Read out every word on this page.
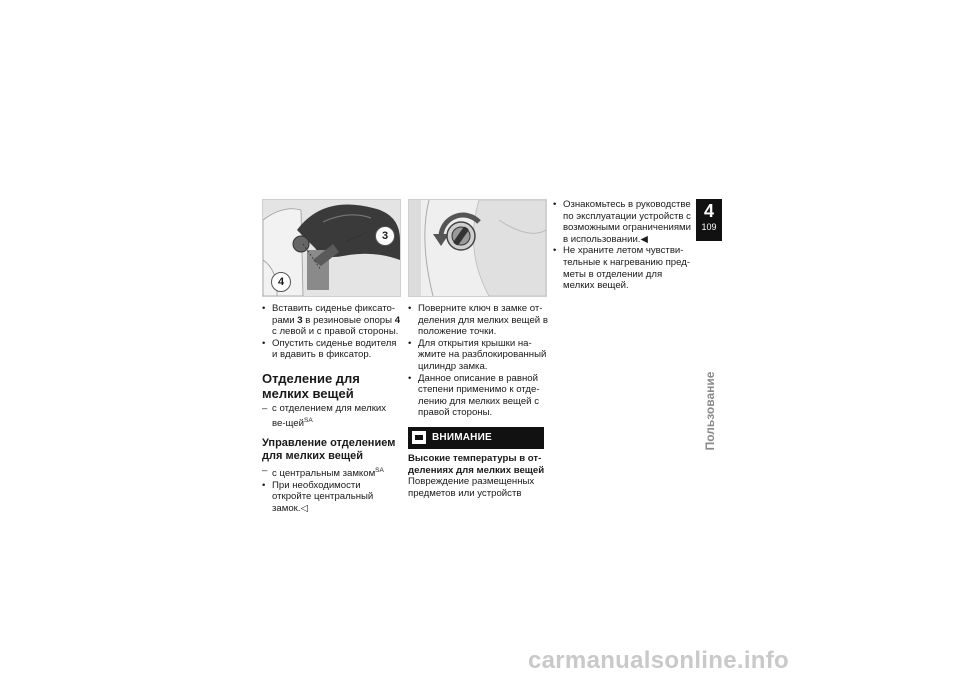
3
4
• Вставить сиденье фиксато-рами 3 в резиновые опоры 4 с левой и с правой стороны.
• Опустить сиденье водителя и вдавить в фиксатор.
Отделение для мелких вещей
– с отделением для мелких ве-щей$^{SA}$
Управление отделением для мелких вещей
– с центральным замком$^{SA}$
• При необходимости откройте центральный замок.◁
• Поверните ключ в замке от-деления для мелких вещей в положение точки.
• Для открытия крышки на-жмите на разблокированный цилиндр замка.
• Данное описание в равной степени применимо к отде-лению для мелких вещей с правой стороны.
ВНИМАНИЕ
Высокие температуры в от-делениях для мелких вещей
Повреждение размещенных предметов или устройств
• Ознакомьтесь в руководстве по эксплуатации устройств с возможными ограничениями в использовании.◀
• Не храните летом чувстви-тельные к нагреванию пред-меты в отделении для мелких вещей.
4
109
Пользование
carmanualsonline.info
